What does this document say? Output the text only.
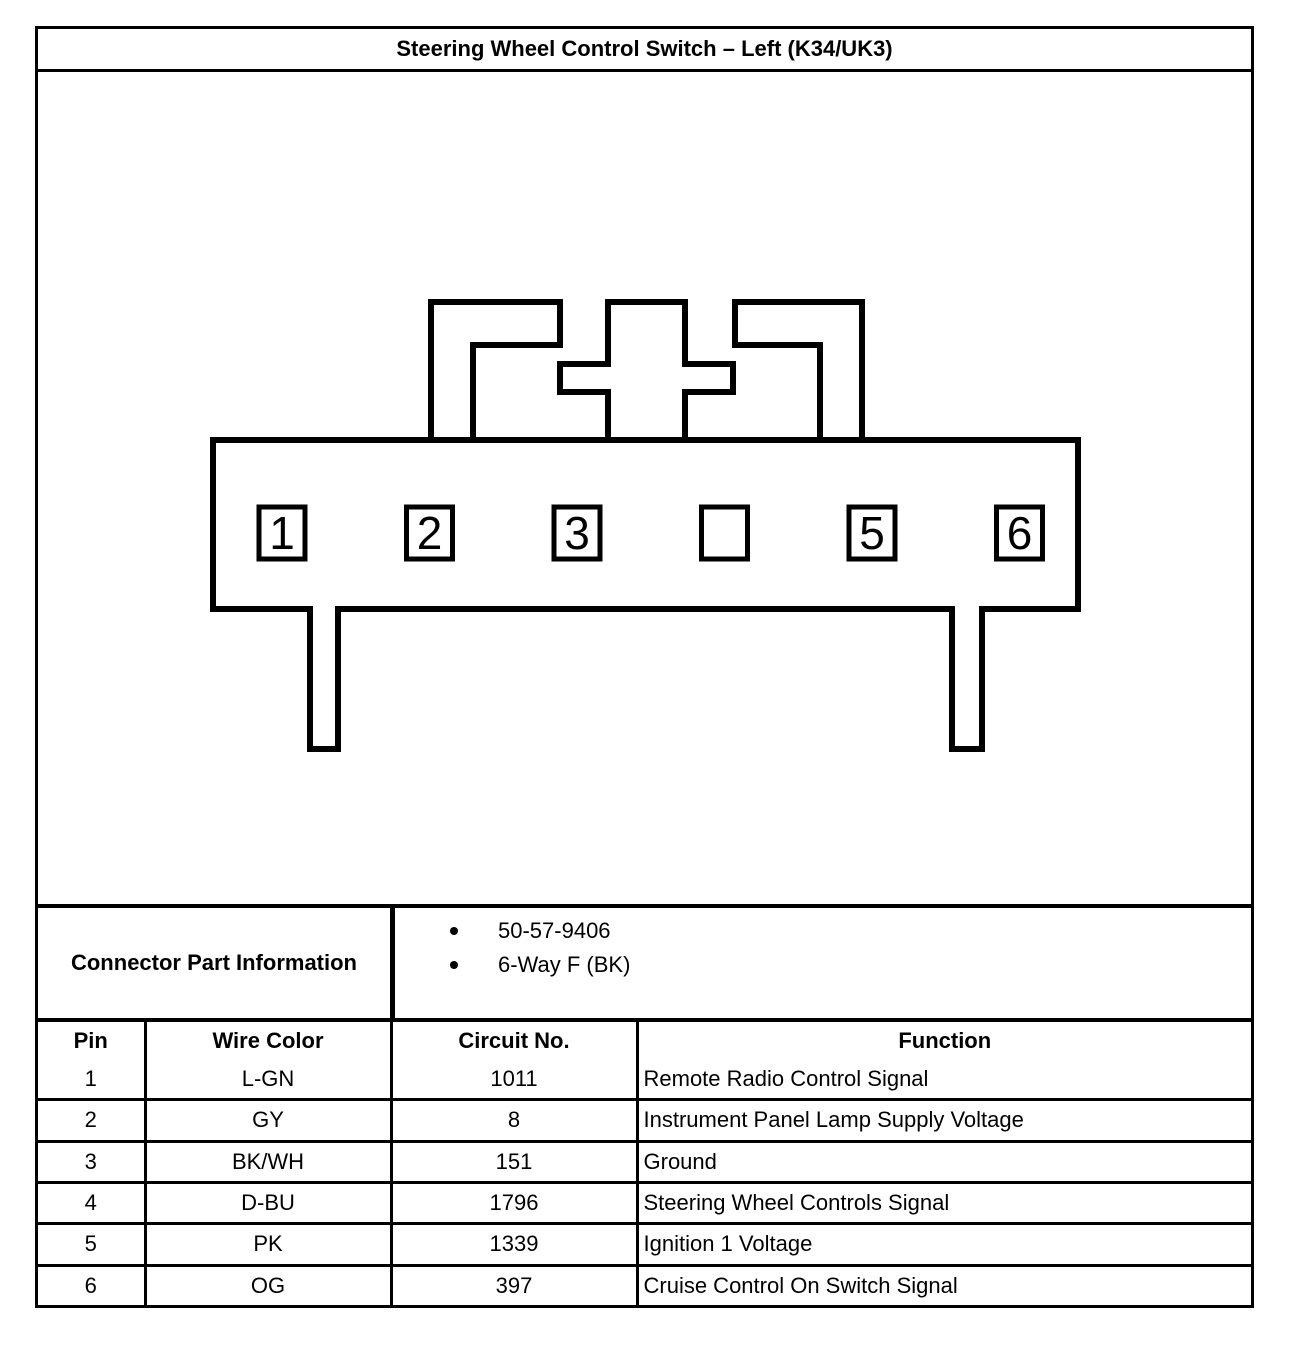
Steering Wheel Control Switch – Left (K34/UK3)
1	2	3	5	6
Connector Part Information
50-57-9406
6-Way F (BK)
Pin	Wire Color	Circuit No.	Function
1	L-GN	1011	Remote Radio Control Signal
2	GY	8	Instrument Panel Lamp Supply Voltage
3	BK/WH	151	Ground
4	D-BU	1796	Steering Wheel Controls Signal
5	PK	1339	Ignition 1 Voltage
6	OG	397	Cruise Control On Switch Signal
